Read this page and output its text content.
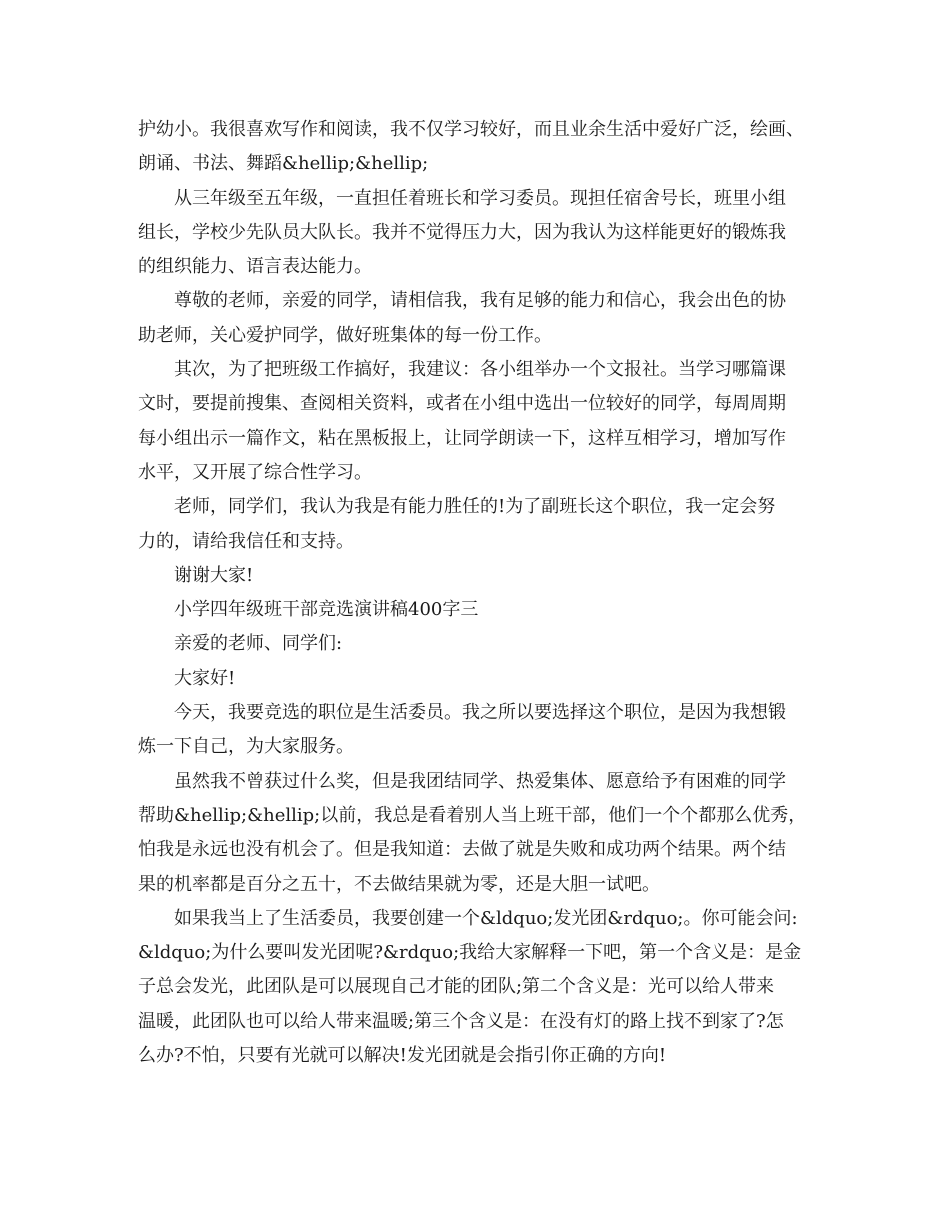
护幼小。我很喜欢写作和阅读，我不仅学习较好，而且业余生活中爱好广泛，绘画、
朗诵、书法、舞蹈&hellip;&hellip;
从三年级至五年级，一直担任着班长和学习委员。现担任宿舍号长，班里小组
组长，学校少先队员大队长。我并不觉得压力大，因为我认为这样能更好的锻炼我
的组织能力、语言表达能力。
尊敬的老师，亲爱的同学，请相信我，我有足够的能力和信心，我会出色的协
助老师，关心爱护同学，做好班集体的每一份工作。
其次，为了把班级工作搞好，我建议：各小组举办一个文报社。当学习哪篇课
文时，要提前搜集、查阅相关资料，或者在小组中选出一位较好的同学，每周周期
每小组出示一篇作文，粘在黑板报上，让同学朗读一下，这样互相学习，增加写作
水平，又开展了综合性学习。
老师，同学们，我认为我是有能力胜任的!为了副班长这个职位，我一定会努
力的，请给我信任和支持。
谢谢大家!
小学四年级班干部竞选演讲稿400字三
亲爱的老师、同学们:
大家好!
今天，我要竞选的职位是生活委员。我之所以要选择这个职位，是因为我想锻
炼一下自己，为大家服务。
虽然我不曾获过什么奖，但是我团结同学、热爱集体、愿意给予有困难的同学
帮助&hellip;&hellip;以前，我总是看着别人当上班干部，他们一个个都那么优秀，
怕我是永远也没有机会了。但是我知道：去做了就是失败和成功两个结果。两个结
果的机率都是百分之五十，不去做结果就为零，还是大胆一试吧。
如果我当上了生活委员，我要创建一个&ldquo;发光团&rdquo;。你可能会问:
&ldquo;为什么要叫发光团呢?&rdquo;我给大家解释一下吧，第一个含义是：是金
子总会发光，此团队是可以展现自己才能的团队;第二个含义是：光可以给人带来
温暖，此团队也可以给人带来温暖;第三个含义是：在没有灯的路上找不到家了?怎
么办?不怕，只要有光就可以解决!发光团就是会指引你正确的方向!
